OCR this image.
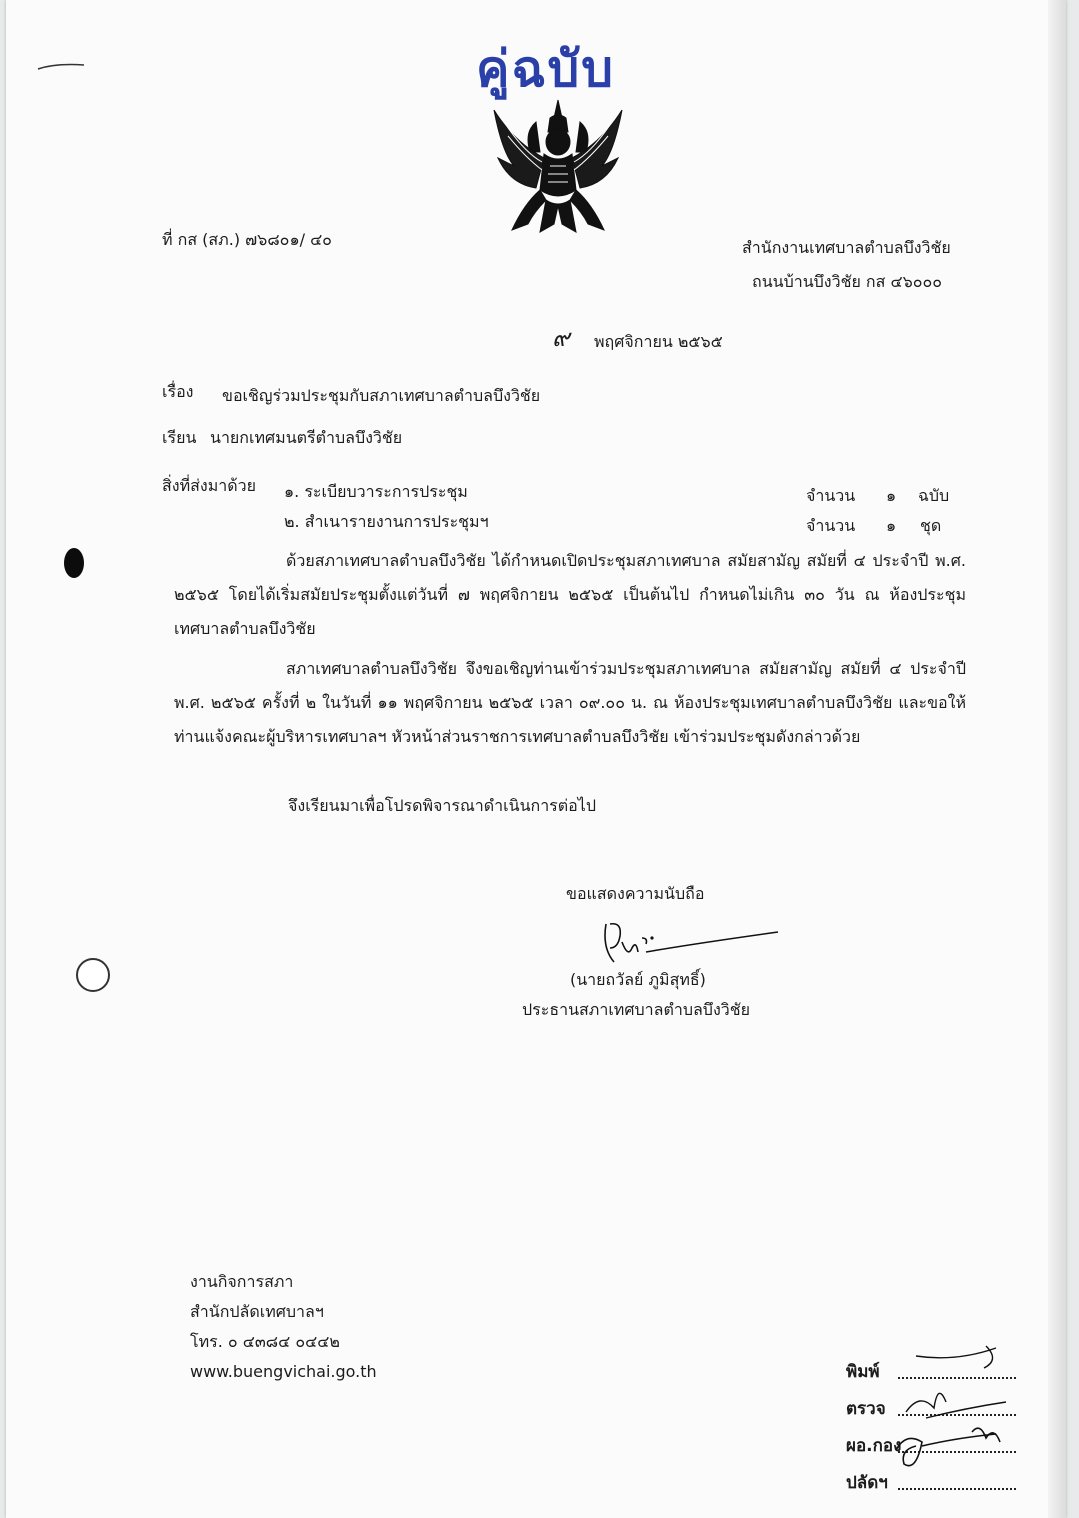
คู่ฉบับ
ที่ กส (สภ.) ๗๖๘๐๑/ ๔๐	สำนักงานเทศบาลตำบลบึงวิชัย
ถนนบ้านบึงวิชัย กส ๔๖๐๐๐
๙ พฤศจิกายน ๒๕๖๕
เรื่อง ขอเชิญร่วมประชุมกับสภาเทศบาลตำบลบึงวิชัย
เรียน นายกเทศมนตรีตำบลบึงวิชัย
สิ่งที่ส่งมาด้วย ๑. ระเบียบวาระการประชุม	จำนวน ๑ ฉบับ
๒. สำเนารายงานการประชุมฯ	จำนวน ๑ ชุด
ด้วยสภาเทศบาลตำบลบึงวิชัย ได้กำหนดเปิดประชุมสภาเทศบาล สมัยสามัญ สมัยที่ ๔ ประจำปี พ.ศ. ๒๕๖๕ โดยได้เริ่มสมัยประชุมตั้งแต่วันที่ ๗ พฤศจิกายน ๒๕๖๕ เป็นต้นไป กำหนดไม่เกิน ๓๐ วัน ณ ห้องประชุมเทศบาลตำบลบึงวิชัย
สภาเทศบาลตำบลบึงวิชัย จึงขอเชิญท่านเข้าร่วมประชุมสภาเทศบาล สมัยสามัญ สมัยที่ ๔ ประจำปี พ.ศ. ๒๕๖๕ ครั้งที่ ๒ ในวันที่ ๑๑ พฤศจิกายน ๒๕๖๕ เวลา ๐๙.๐๐ น. ณ ห้องประชุมเทศบาลตำบลบึงวิชัย และขอให้ท่านแจ้งคณะผู้บริหารเทศบาลฯ หัวหน้าส่วนราชการเทศบาลตำบลบึงวิชัย เข้าร่วมประชุมดังกล่าวด้วย
จึงเรียนมาเพื่อโปรดพิจารณาดำเนินการต่อไป
ขอแสดงความนับถือ
(นายถวัลย์ ภูมิสุทธิ์)
ประธานสภาเทศบาลตำบลบึงวิชัย
งานกิจการสภา
สำนักปลัดเทศบาลฯ
โทร. ๐ ๔๓๘๔ ๐๔๔๒
www.buengvichai.go.th	พิมพ์
ตรวจ
ผอ.กอง
ปลัดฯ
